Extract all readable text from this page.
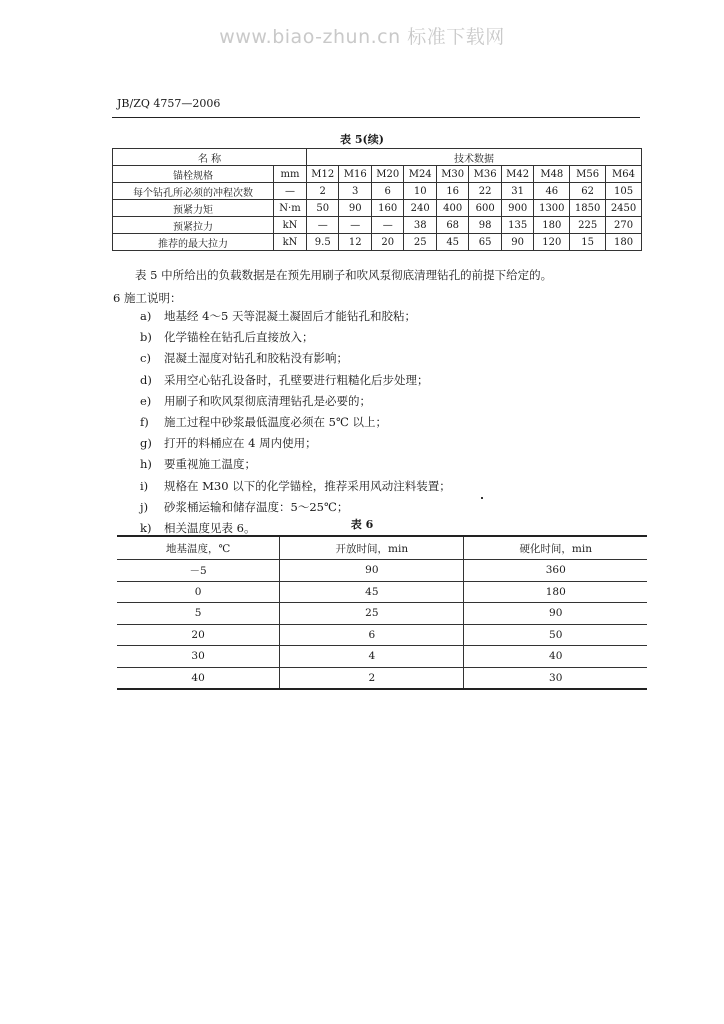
www.biao-zhun.cn 标准下载网
JB/ZQ 4757—2006
表 5(续)
名 称		技术数据									
锚栓规格	mm	M12	M16	M20	M24	M30	M36	M42	M48	M56	M64
每个钻孔所必须的冲程次数	—	2	3	6	10	16	22	31	46	62	105
预紧力矩	N·m	50	90	160	240	400	600	900	1300	1850	2450
预紧拉力	kN	—	—	—	38	68	98	135	180	225	270
推荐的最大拉力	kN	9.5	12	20	25	45	65	90	120	15	180
表 5 中所给出的负载数据是在预先用刷子和吹风泵彻底清理钻孔的前提下给定的。
6 施工说明：
a) 地基经 4～5 天等混凝土凝固后才能钻孔和胶粘；
b) 化学锚栓在钻孔后直接放入；
c) 混凝土湿度对钻孔和胶粘没有影响；
d) 采用空心钻孔设备时，孔壁要进行粗糙化后步处理；
e) 用刷子和吹风泵彻底清理钻孔是必要的；
f) 施工过程中砂浆最低温度必须在 5℃ 以上；
g) 打开的料桶应在 4 周内使用；
h) 要重视施工温度；
i) 规格在 M30 以下的化学锚栓，推荐采用风动注料装置；
j) 砂浆桶运输和储存温度：5～25℃；
k) 相关温度见表 6。	表 6
地基温度，℃	开放时间，min	硬化时间，min
－5	90	360
0	45	180
5	25	90
20	6	50
30	4	40
40	2	30
